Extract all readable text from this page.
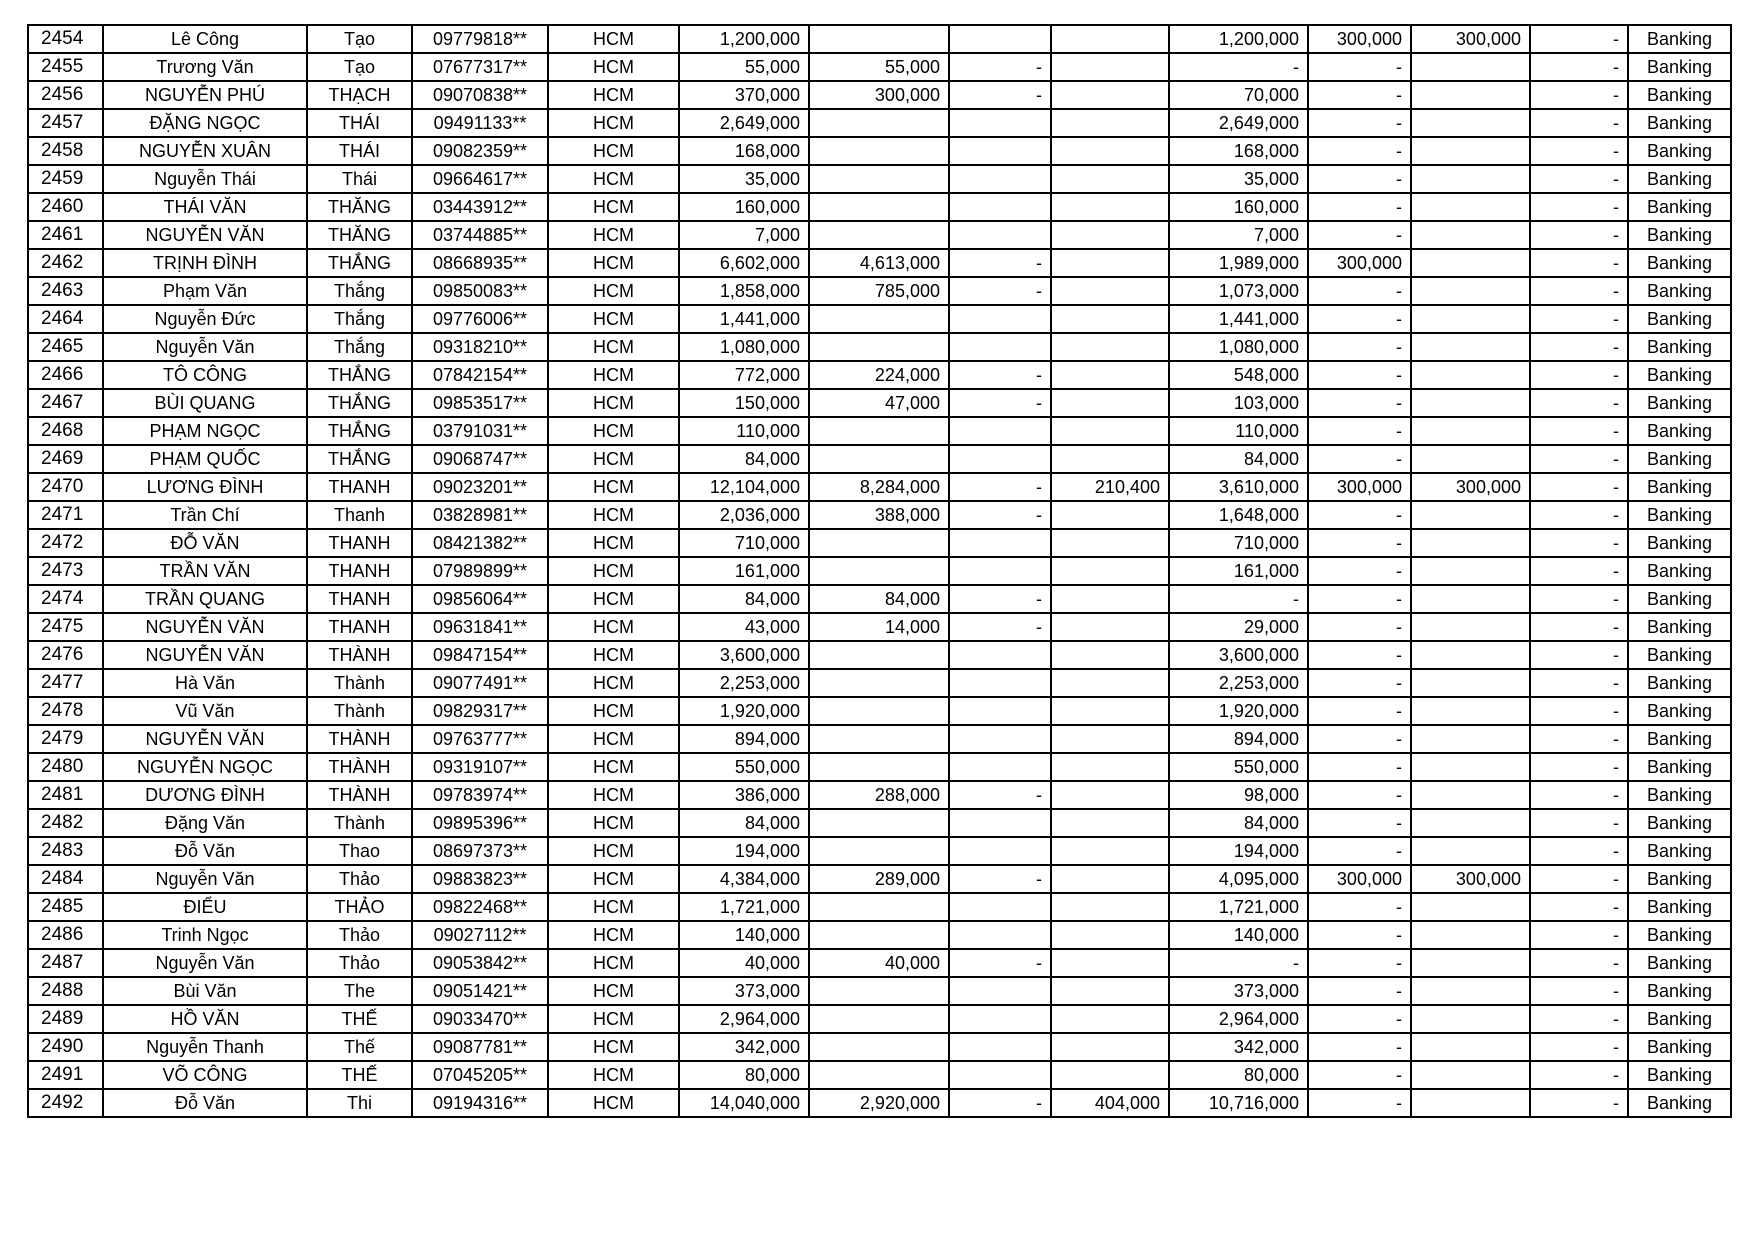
2454	Lê Công	Tạo	09779818**	HCM	1,200,000				1,200,000	300,000	300,000	-	Banking
2455	Trương Văn	Tạo	07677317**	HCM	55,000	55,000	-		-	-		-	Banking
2456	NGUYỄN PHÚ	THẠCH	09070838**	HCM	370,000	300,000	-		70,000	-		-	Banking
2457	ĐẶNG NGỌC	THÁI	09491133**	HCM	2,649,000				2,649,000	-		-	Banking
2458	NGUYỄN XUÂN	THÁI	09082359**	HCM	168,000				168,000	-		-	Banking
2459	Nguyễn Thái	Thái	09664617**	HCM	35,000				35,000	-		-	Banking
2460	THÁI VĂN	THĂNG	03443912**	HCM	160,000				160,000	-		-	Banking
2461	NGUYỄN VĂN	THĂNG	03744885**	HCM	7,000				7,000	-		-	Banking
2462	TRỊNH ĐÌNH	THẮNG	08668935**	HCM	6,602,000	4,613,000	-		1,989,000	300,000		-	Banking
2463	Phạm Văn	Thắng	09850083**	HCM	1,858,000	785,000	-		1,073,000	-		-	Banking
2464	Nguyễn Đức	Thắng	09776006**	HCM	1,441,000				1,441,000	-		-	Banking
2465	Nguyễn Văn	Thắng	09318210**	HCM	1,080,000				1,080,000	-		-	Banking
2466	TÔ CÔNG	THẮNG	07842154**	HCM	772,000	224,000	-		548,000	-		-	Banking
2467	BÙI QUANG	THẮNG	09853517**	HCM	150,000	47,000	-		103,000	-		-	Banking
2468	PHẠM NGỌC	THẮNG	03791031**	HCM	110,000				110,000	-		-	Banking
2469	PHẠM QUỐC	THẮNG	09068747**	HCM	84,000				84,000	-		-	Banking
2470	LƯƠNG ĐÌNH	THANH	09023201**	HCM	12,104,000	8,284,000	-	210,400	3,610,000	300,000	300,000	-	Banking
2471	Trần Chí	Thanh	03828981**	HCM	2,036,000	388,000	-		1,648,000	-		-	Banking
2472	ĐỖ VĂN	THANH	08421382**	HCM	710,000				710,000	-		-	Banking
2473	TRẦN VĂN	THANH	07989899**	HCM	161,000				161,000	-		-	Banking
2474	TRẦN QUANG	THANH	09856064**	HCM	84,000	84,000	-		-	-		-	Banking
2475	NGUYỄN VĂN	THANH	09631841**	HCM	43,000	14,000	-		29,000	-		-	Banking
2476	NGUYỄN VĂN	THÀNH	09847154**	HCM	3,600,000				3,600,000	-		-	Banking
2477	Hà Văn	Thành	09077491**	HCM	2,253,000				2,253,000	-		-	Banking
2478	Vũ Văn	Thành	09829317**	HCM	1,920,000				1,920,000	-		-	Banking
2479	NGUYỄN VĂN	THÀNH	09763777**	HCM	894,000				894,000	-		-	Banking
2480	NGUYỄN NGỌC	THÀNH	09319107**	HCM	550,000				550,000	-		-	Banking
2481	DƯƠNG ĐÌNH	THÀNH	09783974**	HCM	386,000	288,000	-		98,000	-		-	Banking
2482	Đặng Văn	Thành	09895396**	HCM	84,000				84,000	-		-	Banking
2483	Đỗ Văn	Thao	08697373**	HCM	194,000				194,000	-		-	Banking
2484	Nguyễn Văn	Thảo	09883823**	HCM	4,384,000	289,000	-		4,095,000	300,000	300,000	-	Banking
2485	ĐIỂU	THẢO	09822468**	HCM	1,721,000				1,721,000	-		-	Banking
2486	Trinh Ngọc	Thảo	09027112**	HCM	140,000				140,000	-		-	Banking
2487	Nguyễn Văn	Thảo	09053842**	HCM	40,000	40,000	-		-	-		-	Banking
2488	Bùi Văn	The	09051421**	HCM	373,000				373,000	-		-	Banking
2489	HỒ VĂN	THẾ	09033470**	HCM	2,964,000				2,964,000	-		-	Banking
2490	Nguyễn Thanh	Thế	09087781**	HCM	342,000				342,000	-		-	Banking
2491	VÕ CÔNG	THẾ	07045205**	HCM	80,000				80,000	-		-	Banking
2492	Đỗ Văn	Thi	09194316**	HCM	14,040,000	2,920,000	-	404,000	10,716,000	-		-	Banking
